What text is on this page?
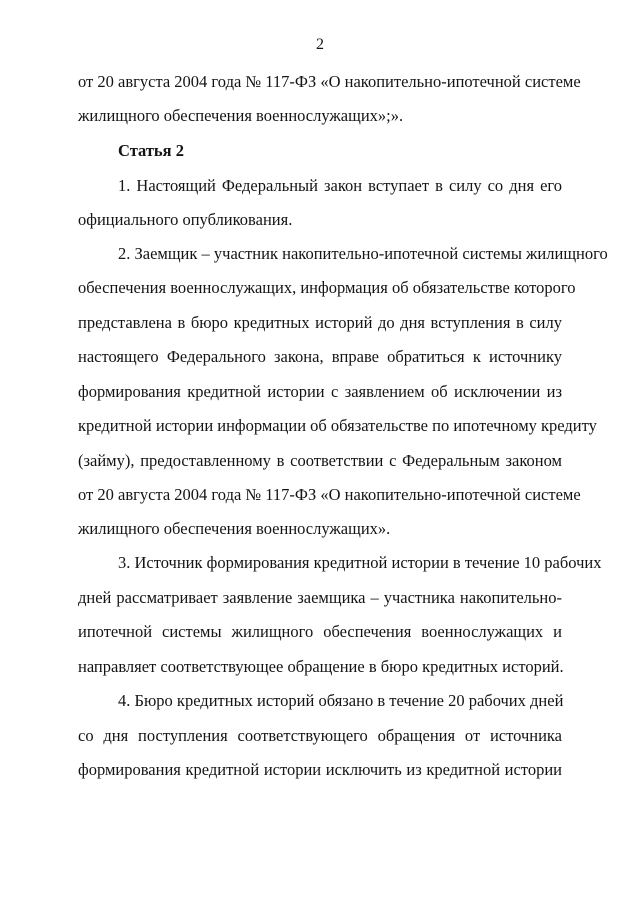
2
от 20 августа 2004 года № 117-ФЗ «О накопительно-ипотечной системе
жилищного обеспечения военнослужащих»;».
Статья 2
1. Настоящий Федеральный закон вступает в силу со дня его
официального опубликования.
2. Заемщик – участник накопительно-ипотечной системы жилищного
обеспечения военнослужащих, информация об обязательстве которого
представлена в бюро кредитных историй до дня вступления в силу
настоящего Федерального закона, вправе обратиться к источнику
формирования кредитной истории с заявлением об исключении из
кредитной истории информации об обязательстве по ипотечному кредиту
(займу), предоставленному в соответствии с Федеральным законом
от 20 августа 2004 года № 117-ФЗ «О накопительно-ипотечной системе
жилищного обеспечения военнослужащих».
3. Источник формирования кредитной истории в течение 10 рабочих
дней рассматривает заявление заемщика – участника накопительно-
ипотечной системы жилищного обеспечения военнослужащих и
направляет соответствующее обращение в бюро кредитных историй.
4. Бюро кредитных историй обязано в течение 20 рабочих дней
со дня поступления соответствующего обращения от источника
формирования кредитной истории исключить из кредитной истории
